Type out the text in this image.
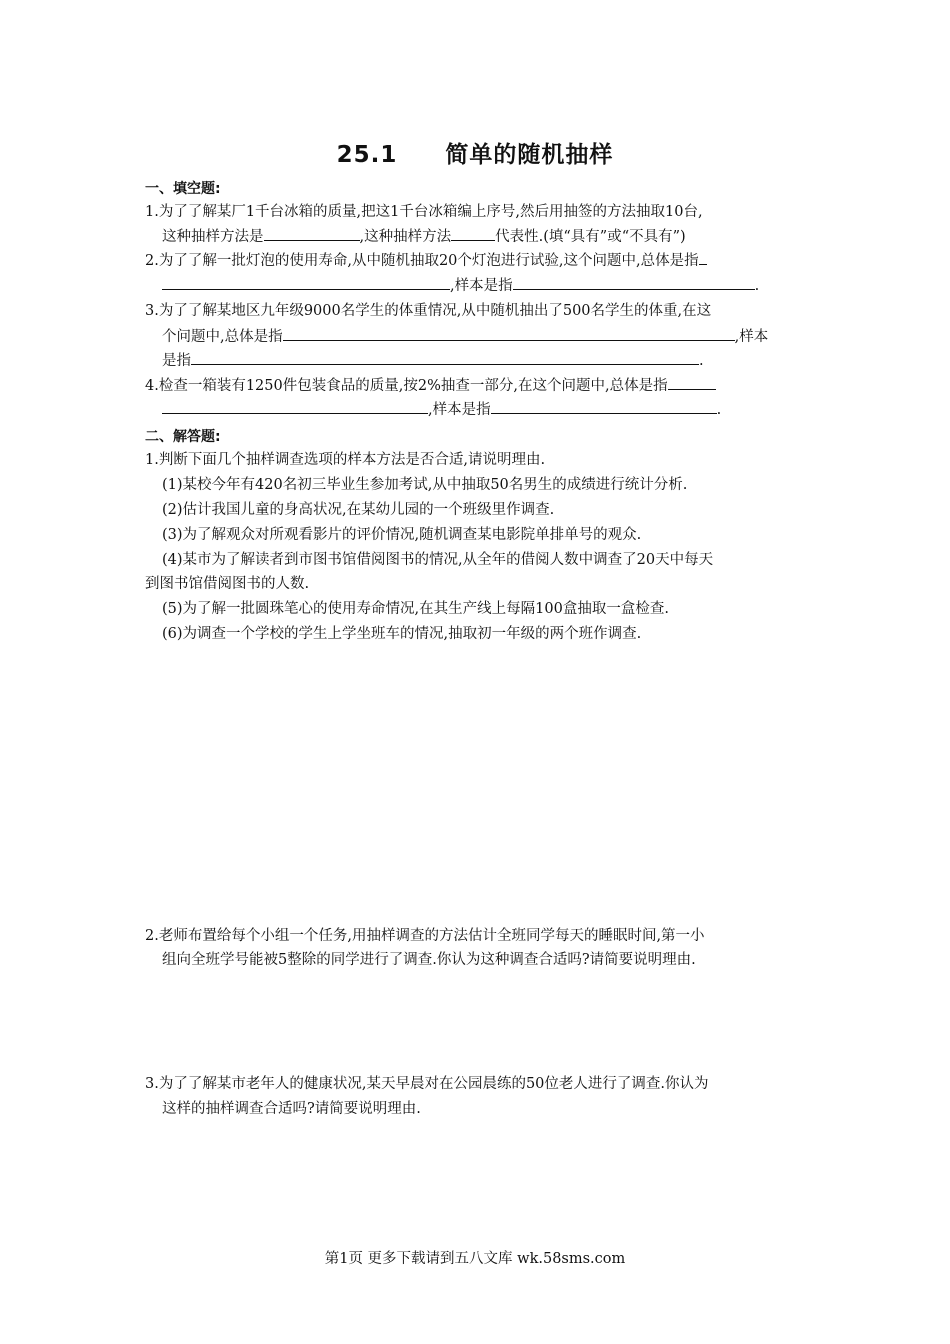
25.1 简单的随机抽样
一、填空题:
1.为了了解某厂1千台冰箱的质量,把这1千台冰箱编上序号,然后用抽签的方法抽取10台,
这种抽样方法是	,这种抽样方法	代表性.(填“具有”或“不具有”)
2.为了了解一批灯泡的使用寿命,从中随机抽取20个灯泡进行试验,这个问题中,总体是指
,样本是指	.
3.为了了解某地区九年级9000名学生的体重情况,从中随机抽出了500名学生的体重,在这
个问题中,总体是指	,样本
是指	.
4.检查一箱装有1250件包装食品的质量,按2%抽查一部分,在这个问题中,总体是指
,样本是指	.
二、解答题:
1.判断下面几个抽样调查选项的样本方法是否合适,请说明理由.
(1)某校今年有420名初三毕业生参加考试,从中抽取50名男生的成绩进行统计分析.
(2)估计我国儿童的身高状况,在某幼儿园的一个班级里作调查.
(3)为了解观众对所观看影片的评价情况,随机调查某电影院单排单号的观众.
(4)某市为了解读者到市图书馆借阅图书的情况,从全年的借阅人数中调查了20天中每天
到图书馆借阅图书的人数.
(5)为了解一批圆珠笔心的使用寿命情况,在其生产线上每隔100盒抽取一盒检查.
(6)为调查一个学校的学生上学坐班车的情况,抽取初一年级的两个班作调查.
2.老师布置给每个小组一个任务,用抽样调查的方法估计全班同学每天的睡眠时间,第一小
组向全班学号能被5整除的同学进行了调查.你认为这种调查合适吗?请简要说明理由.
3.为了了解某市老年人的健康状况,某天早晨对在公园晨练的50位老人进行了调查.你认为
这样的抽样调查合适吗?请简要说明理由.
第1页 更多下载请到五八文库 wk.58sms.com
